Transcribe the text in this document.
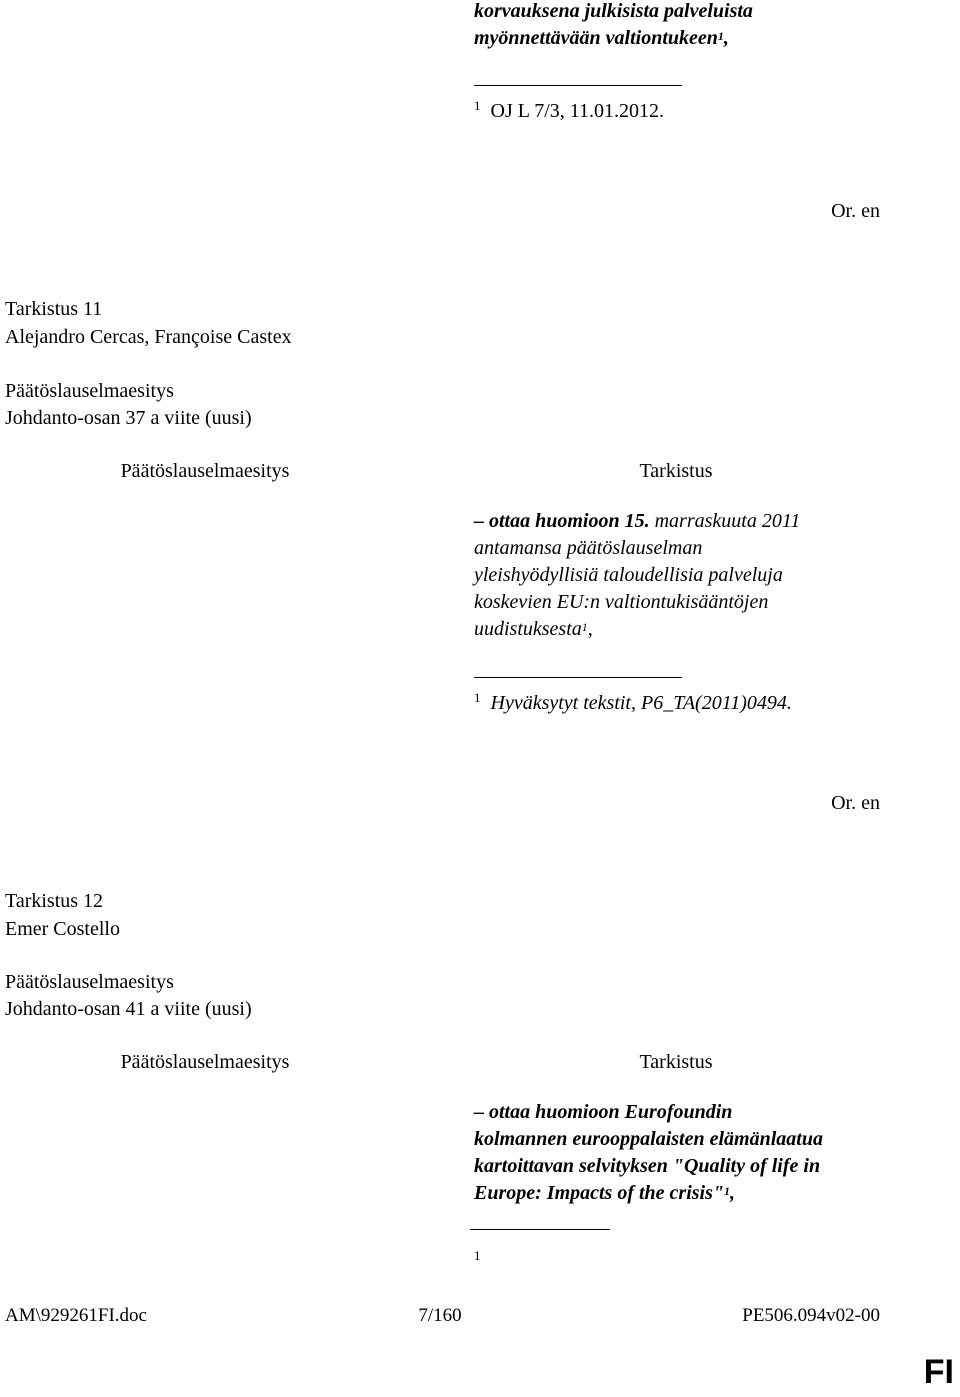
korvauksena julkisista palveluista
myönnettävään valtiontukeen$^1$,
$^1$ OJ L 7/3, 11.01.2012.
Or. en
Tarkistus 11
Alejandro Cercas, Françoise Castex
Päätöslauselmaesitys
Johdanto-osan 37 a viite (uusi)
Päätöslauselmaesitys	Tarkistus
– ottaa huomioon 15. marraskuuta 2011
antamansa päätöslauselman
yleishyödyllisiä taloudellisia palveluja
koskevien EU:n valtiontukisääntöjen
uudistuksesta$^1$,
$^1$ Hyväksytyt tekstit, P6_TA(2011)0494.
Or. en
Tarkistus 12
Emer Costello
Päätöslauselmaesitys
Johdanto-osan 41 a viite (uusi)
Päätöslauselmaesitys	Tarkistus
– ottaa huomioon Eurofoundin
kolmannen eurooppalaisten elämänlaatua
kartoittavan selvityksen "Quality of life in
Europe: Impacts of the crisis"$^1$,
$^1$
AM\929261FI.doc	7/160	PE506.094v02-00
FI
